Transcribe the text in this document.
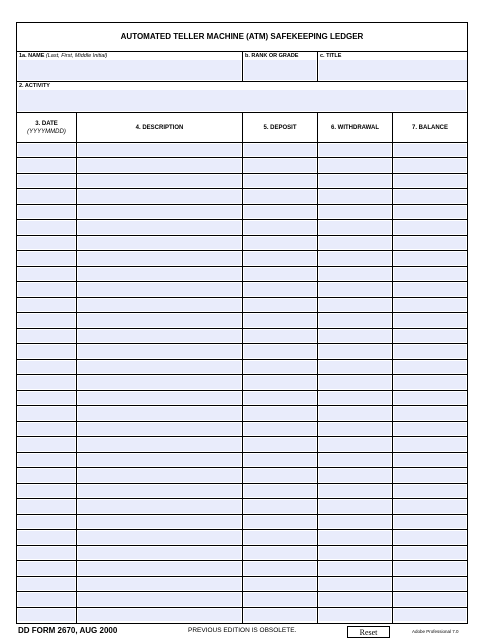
AUTOMATED TELLER MACHINE (ATM) SAFEKEEPING LEDGER
1a. NAME (Last, First, Middle Initial)	b. RANK OR GRADE	c. TITLE
2. ACTIVITY
3. DATE
(YYYYMMDD)
4. DESCRIPTION	5. DEPOSIT	6. WITHDRAWAL	7. BALANCE
DD FORM 2670, AUG 2000	PREVIOUS EDITION IS OBSOLETE.	Reset	Adobe Professional 7.0
